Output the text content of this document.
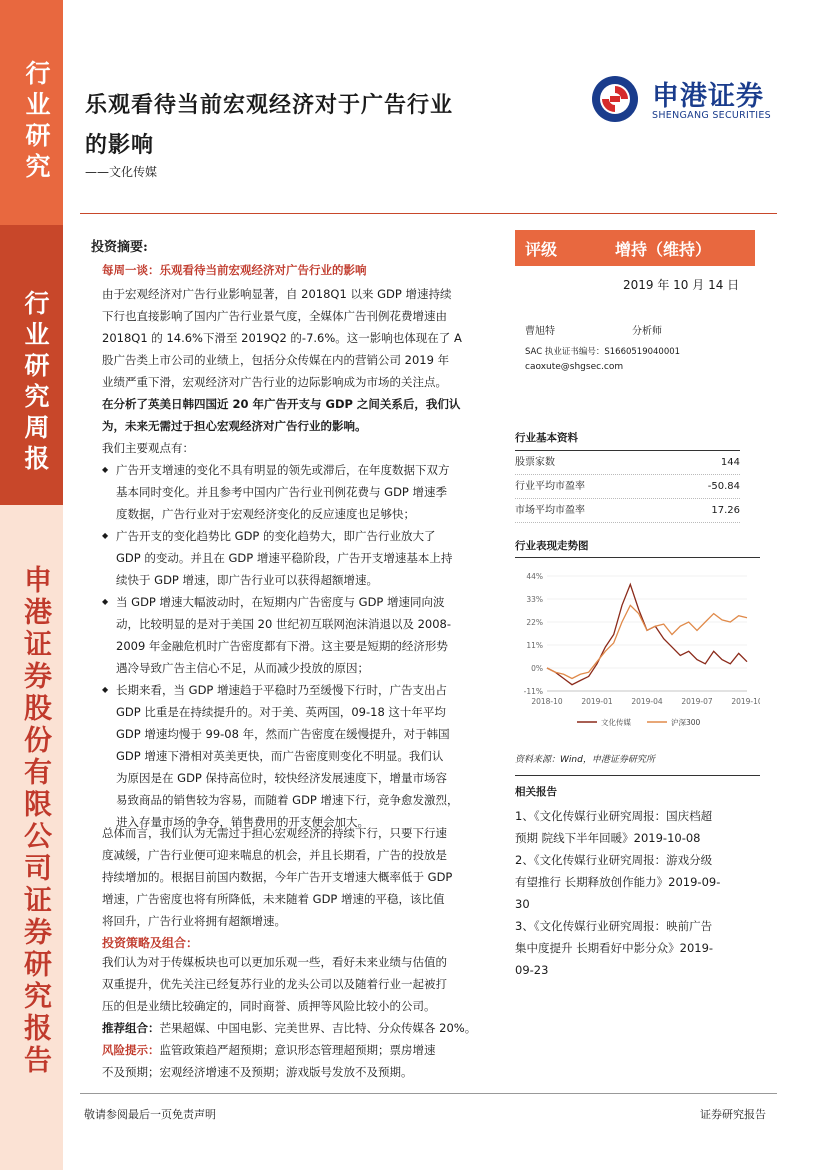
行业研究
行业研究周报
申港证券股份有限公司证券研究报告
乐观看待当前宏观经济对于广告行业
的影响
——文化传媒
申港证券
SHENGANG SECURITIES
投资摘要:
每周一谈：乐观看待当前宏观经济对广告行业的影响
由于宏观经济对广告行业影响显著，自 2018Q1 以来 GDP 增速持续
下行也直接影响了国内广告行业景气度，全媒体广告刊例花费增速由
2018Q1 的 14.6%下滑至 2019Q2 的-7.6%。这一影响也体现在了 A
股广告类上市公司的业绩上，包括分众传媒在内的营销公司 2019 年
业绩严重下滑，宏观经济对广告行业的边际影响成为市场的关注点。
在分析了英美日韩四国近 20 年广告开支与 GDP 之间关系后，我们认
为，未来无需过于担心宏观经济对广告行业的影响。
我们主要观点有：
◆ 广告开支增速的变化不具有明显的领先或滞后，在年度数据下双方
基本同时变化。并且参考中国内广告行业刊例花费与 GDP 增速季
度数据，广告行业对于宏观经济变化的反应速度也足够快；
◆ 广告开支的变化趋势比 GDP 的变化趋势大，即广告行业放大了
GDP 的变动。并且在 GDP 增速平稳阶段，广告开支增速基本上持
续快于 GDP 增速，即广告行业可以获得超额增速。
◆ 当 GDP 增速大幅波动时，在短期内广告密度与 GDP 增速同向波
动，比较明显的是对于美国 20 世纪初互联网泡沫消退以及 2008-
2009 年金融危机时广告密度都有下滑。这主要是短期的经济形势
遇冷导致广告主信心不足，从而减少投放的原因；
◆ 长期来看，当 GDP 增速趋于平稳时乃至缓慢下行时，广告支出占
GDP 比重是在持续提升的。对于美、英两国，09-18 这十年平均
GDP 增速均慢于 99-08 年，然而广告密度在缓慢提升，对于韩国
GDP 增速下滑相对英美更快，而广告密度则变化不明显。我们认
为原因是在 GDP 保持高位时，较快经济发展速度下，增量市场容
易致商品的销售较为容易，而随着 GDP 增速下行，竞争愈发激烈，
进入存量市场的争夺，销售费用的开支便会加大。
总体而言，我们认为无需过于担心宏观经济的持续下行，只要下行速
度减缓，广告行业便可迎来喘息的机会，并且长期看，广告的投放是
持续增加的。根据目前国内数据，今年广告开支增速大概率低于 GDP
增速，广告密度也将有所降低，未来随着 GDP 增速的平稳，该比值
将回升，广告行业将拥有超额增速。
投资策略及组合：
我们认为对于传媒板块也可以更加乐观一些，看好未来业绩与估值的
双重提升，优先关注已经复苏行业的龙头公司以及随着行业一起被打
压的但是业绩比较确定的，同时商誉、质押等风险比较小的公司。
推荐组合：芒果超媒、中国电影、完美世界、吉比特、分众传媒各 20%。
风险提示：监管政策趋严超预期；意识形态管理超预期；票房增速
不及预期；宏观经济增速不及预期；游戏版号发放不及预期。
评级	增持（维持）
2019 年 10 月 14 日
曹旭特	分析师
SAC 执业证书编号：S1660519040001
caoxute@shgsec.com
行业基本资料
股票家数	144
行业平均市盈率	-50.84
市场平均市盈率	17.26
行业表现走势图
44%
33%
22%
11%
0%
-11%
2018-10 2019-01 2019-04 2019-07 2019-10
文化传媒	沪深300
资料来源：Wind，申港证券研究所
相关报告
1、《文化传媒行业研究周报：国庆档超
预期 院线下半年回暖》2019-10-08
2、《文化传媒行业研究周报：游戏分级
有望推行 长期释放创作能力》2019-09-
30
3、《文化传媒行业研究周报：映前广告
集中度提升 长期看好中影分众》2019-
09-23
敬请参阅最后一页免责声明	证券研究报告
